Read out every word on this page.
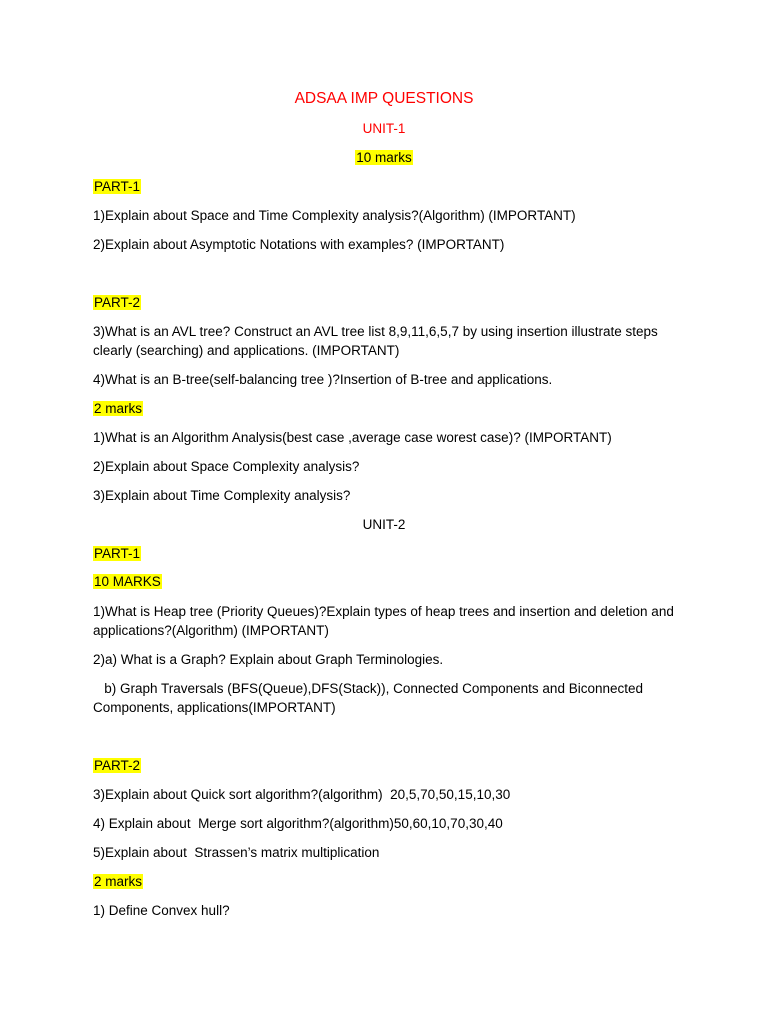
ADSAA IMP QUESTIONS
UNIT-1
10 marks
PART-1
1)Explain about Space and Time Complexity analysis?(Algorithm) (IMPORTANT)
2)Explain about Asymptotic Notations with examples? (IMPORTANT)
PART-2
3)What is an AVL tree? Construct an AVL tree list 8,9,11,6,5,7 by using insertion illustrate steps clearly (searching) and applications. (IMPORTANT)
4)What is an B-tree(self-balancing tree )?Insertion of B-tree and applications.
2 marks
1)What is an Algorithm Analysis(best case ,average case worest case)? (IMPORTANT)
2)Explain about Space Complexity analysis?
3)Explain about Time Complexity analysis?
UNIT-2
PART-1
10 MARKS
1)What is Heap tree (Priority Queues)?Explain types of heap trees and insertion and deletion and applications?(Algorithm) (IMPORTANT)
2)a) What is a Graph? Explain about Graph Terminologies.
b) Graph Traversals (BFS(Queue),DFS(Stack)), Connected Components and Biconnected Components, applications(IMPORTANT)
PART-2
3)Explain about Quick sort algorithm?(algorithm)  20,5,70,50,15,10,30
4) Explain about  Merge sort algorithm?(algorithm)50,60,10,70,30,40
5)Explain about  Strassen’s matrix multiplication
2 marks
1) Define Convex hull?
